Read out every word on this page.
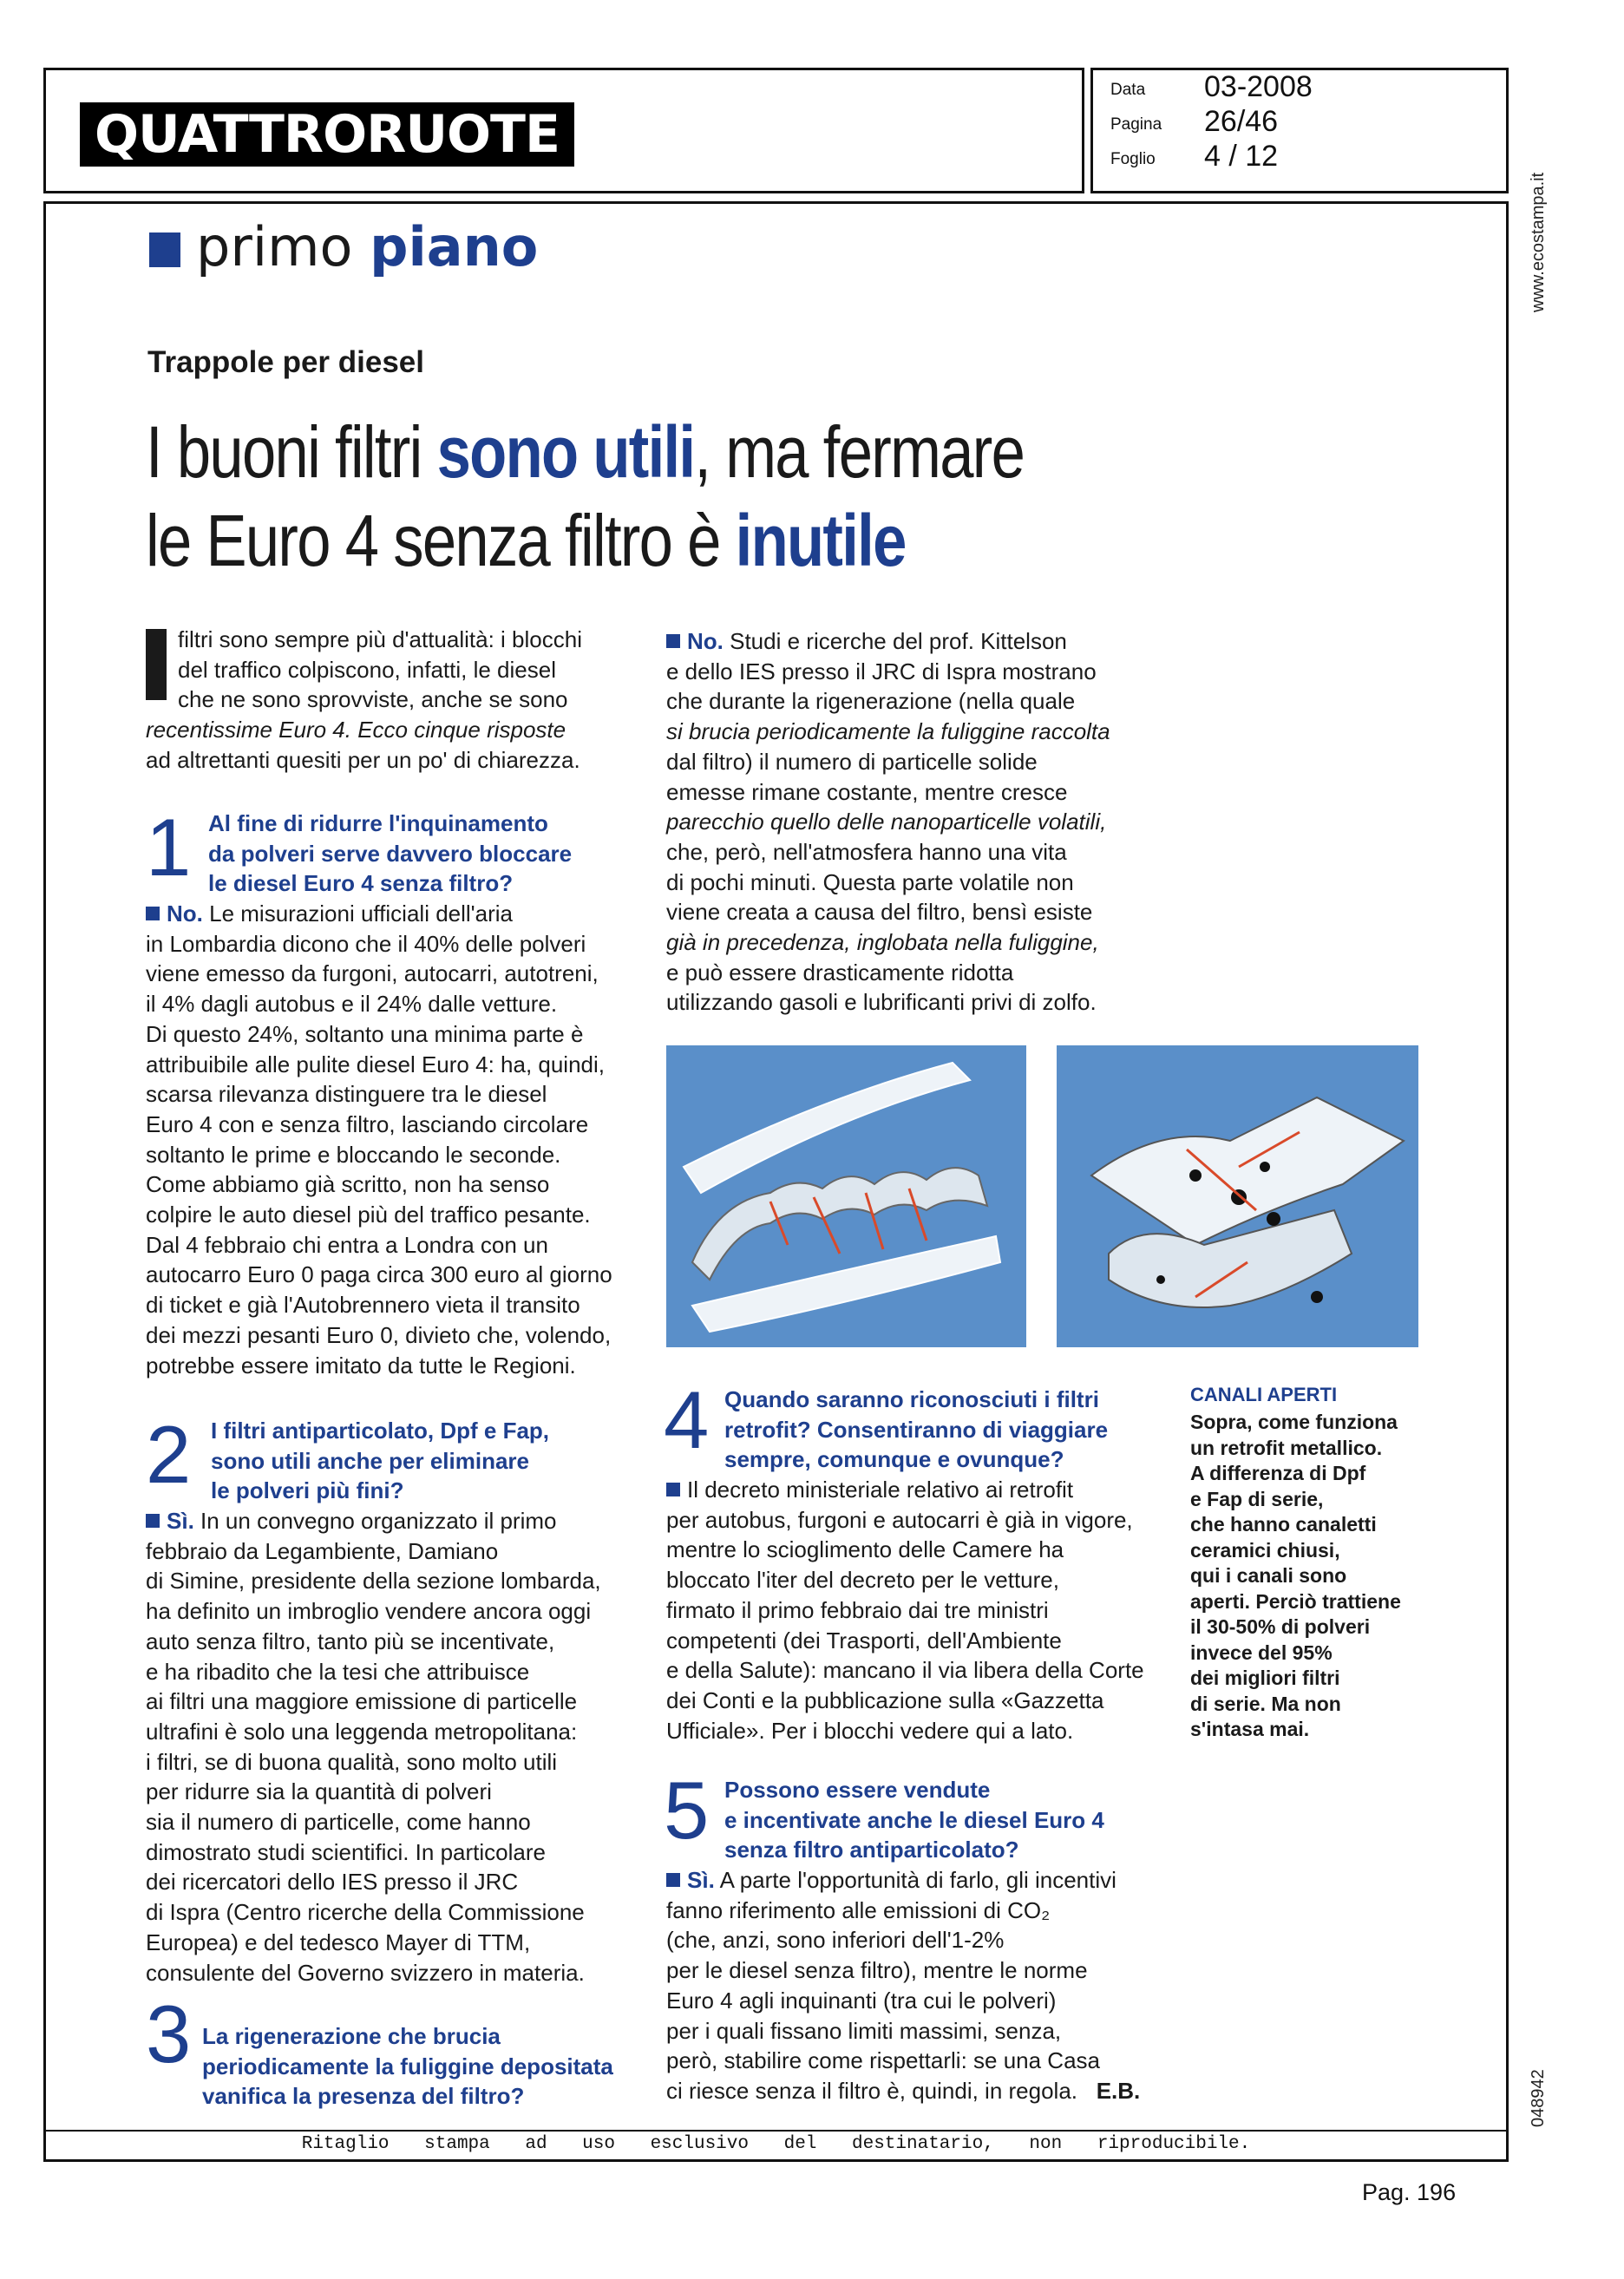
QUATTRORUOTE
Data 03-2008
Pagina 26/46
Foglio 4 / 12
www.ecostampa.it
048942
primo piano
Trappole per diesel
I buoni filtri sono utili, ma fermare
le Euro 4 senza filtro è inutile

filtri sono sempre più d'attualità: i blocchi

del traffico colpiscono, infatti, le diesel

che ne sono sprovviste, anche se sono

recentissime Euro 4. Ecco cinque risposte

ad altrettanti quesiti per un po' di chiarezza.

1 Al fine di ridurre l'inquinamento
da polveri serve davvero bloccare
le diesel Euro 4 senza filtro?

No. Le misurazioni ufficiali dell'aria

in Lombardia dicono che il 40% delle polveri

viene emesso da furgoni, autocarri, autotreni,

il 4% dagli autobus e il 24% dalle vetture.

Di questo 24%, soltanto una minima parte è

attribuibile alle pulite diesel Euro 4: ha, quindi,

scarsa rilevanza distinguere tra le diesel

Euro 4 con e senza filtro, lasciando circolare

soltanto le prime e bloccando le seconde.

Come abbiamo già scritto, non ha senso

colpire le auto diesel più del traffico pesante.

Dal 4 febbraio chi entra a Londra con un

autocarro Euro 0 paga circa 300 euro al giorno

di ticket e già l'Autobrennero vieta il transito

dei mezzi pesanti Euro 0, divieto che, volendo,

potrebbe essere imitato da tutte le Regioni.

2 I filtri antiparticolato, Dpf e Fap,
sono utili anche per eliminare
le polveri più fini?

Sì. In un convegno organizzato il primo

febbraio da Legambiente, Damiano

di Simine, presidente della sezione lombarda,

ha definito un imbroglio vendere ancora oggi

auto senza filtro, tanto più se incentivate,

e ha ribadito che la tesi che attribuisce

ai filtri una maggiore emissione di particelle

ultrafini è solo una leggenda metropolitana:

i filtri, se di buona qualità, sono molto utili

per ridurre sia la quantità di polveri

sia il numero di particelle, come hanno

dimostrato studi scientifici. In particolare

dei ricercatori dello IES presso il JRC

di Ispra (Centro ricerche della Commissione

Europea) e del tedesco Mayer di TTM,

consulente del Governo svizzero in materia.

3 La rigenerazione che brucia
periodicamente la fuliggine depositata
vanifica la presenza del filtro?

No. Studi e ricerche del prof. Kittelson

e dello IES presso il JRC di Ispra mostrano

che durante la rigenerazione (nella quale

si brucia periodicamente la fuliggine raccolta

dal filtro) il numero di particelle solide

emesse rimane costante, mentre cresce

parecchio quello delle nanoparticelle volatili,

che, però, nell'atmosfera hanno una vita

di pochi minuti. Questa parte volatile non

viene creata a causa del filtro, bensì esiste

già in precedenza, inglobata nella fuliggine,

e può essere drasticamente ridotta

utilizzando gasoli e lubrificanti privi di zolfo.

CANALI APERTI
Sopra, come funziona
un retrofit metallico.
A differenza di Dpf
e Fap di serie,
che hanno canaletti
ceramici chiusi,
qui i canali sono
aperti. Perciò trattiene
il 30-50% di polveri
invece del 95%
dei migliori filtri
di serie. Ma non
s'intasa mai.
4 Quando saranno riconosciuti i filtri
retrofit? Consentiranno di viaggiare
sempre, comunque e ovunque?

Il decreto ministeriale relativo ai retrofit

per autobus, furgoni e autocarri è già in vigore,

mentre lo scioglimento delle Camere ha

bloccato l'iter del decreto per le vetture,

firmato il primo febbraio dai tre ministri

competenti (dei Trasporti, dell'Ambiente

e della Salute): mancano il via libera della Corte

dei Conti e la pubblicazione sulla «Gazzetta

Ufficiale». Per i blocchi vedere qui a lato.

5 Possono essere vendute
e incentivate anche le diesel Euro 4
senza filtro antiparticolato?

Sì. A parte l'opportunità di farlo, gli incentivi

fanno riferimento alle emissioni di CO₂

(che, anzi, sono inferiori dell'1-2%

per le diesel senza filtro), mentre le norme

Euro 4 agli inquinanti (tra cui le polveri)

per i quali fissano limiti massimi, senza,

però, stabilire come rispettarli: se una Casa

ci riesce senza il filtro è, quindi, in regola. E.B.

Ritaglio stampa ad uso esclusivo del destinatario, non riproducibile.
Pag. 196
